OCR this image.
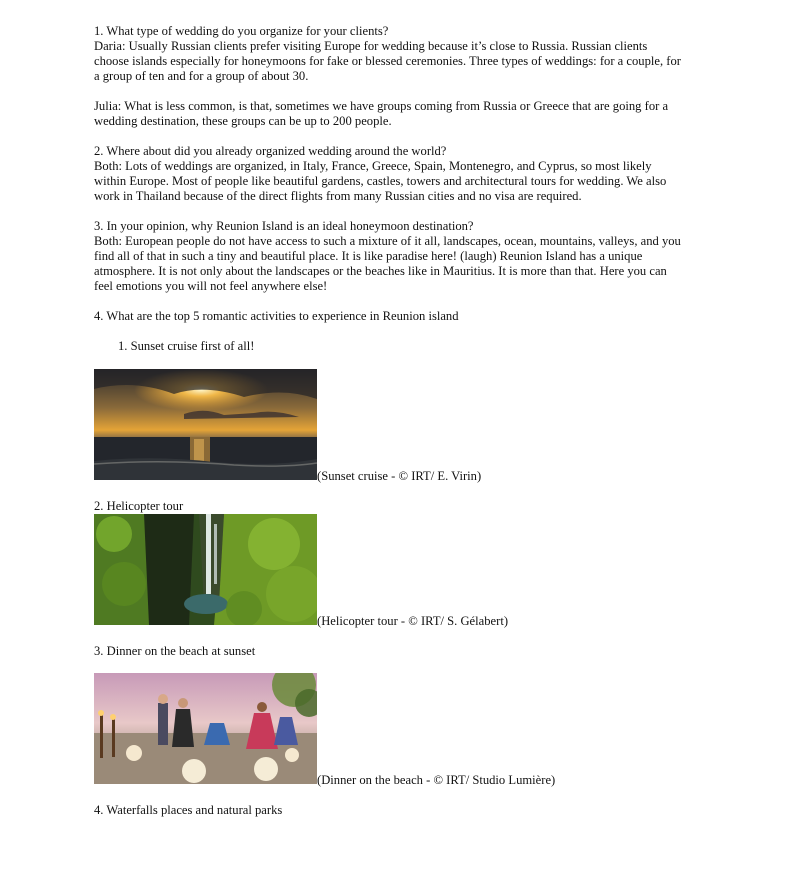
1. What type of wedding do you organize for your clients?
Daria: Usually Russian clients prefer visiting Europe for wedding because it’s close to Russia. Russian clients
choose islands especially for honeymoons for fake or blessed ceremonies. Three types of weddings: for a couple, for
a group of ten and for a group of about 30.
Julia: What is less common, is that, sometimes we have groups coming from Russia or Greece that are going for a
wedding destination, these groups can be up to 200 people.
2. Where about did you already organized wedding around the world?
Both: Lots of weddings are organized, in Italy, France, Greece, Spain, Montenegro, and Cyprus, so most likely
within Europe. Most of people like beautiful gardens, castles, towers and architectural tours for wedding. We also
work in Thailand because of the direct flights from many Russian cities and no visa are required.
3. In your opinion, why Reunion Island is an ideal honeymoon destination?
Both: European people do not have access to such a mixture of it all, landscapes, ocean, mountains, valleys, and you
find all of that in such a tiny and beautiful place. It is like paradise here! (laugh) Reunion Island has a unique
atmosphere. It is not only about the landscapes or the beaches like in Mauritius. It is more than that. Here you can
feel emotions you will not feel anywhere else!
4. What are the top 5 romantic activities to experience in Reunion island
1. Sunset cruise first of all!
(Sunset cruise - © IRT/ E. Virin)
2. Helicopter tour
(Helicopter tour - © IRT/ S. Gélabert)
3. Dinner on the beach at sunset
(Dinner on the beach - © IRT/ Studio Lumière)
4. Waterfalls places and natural parks
